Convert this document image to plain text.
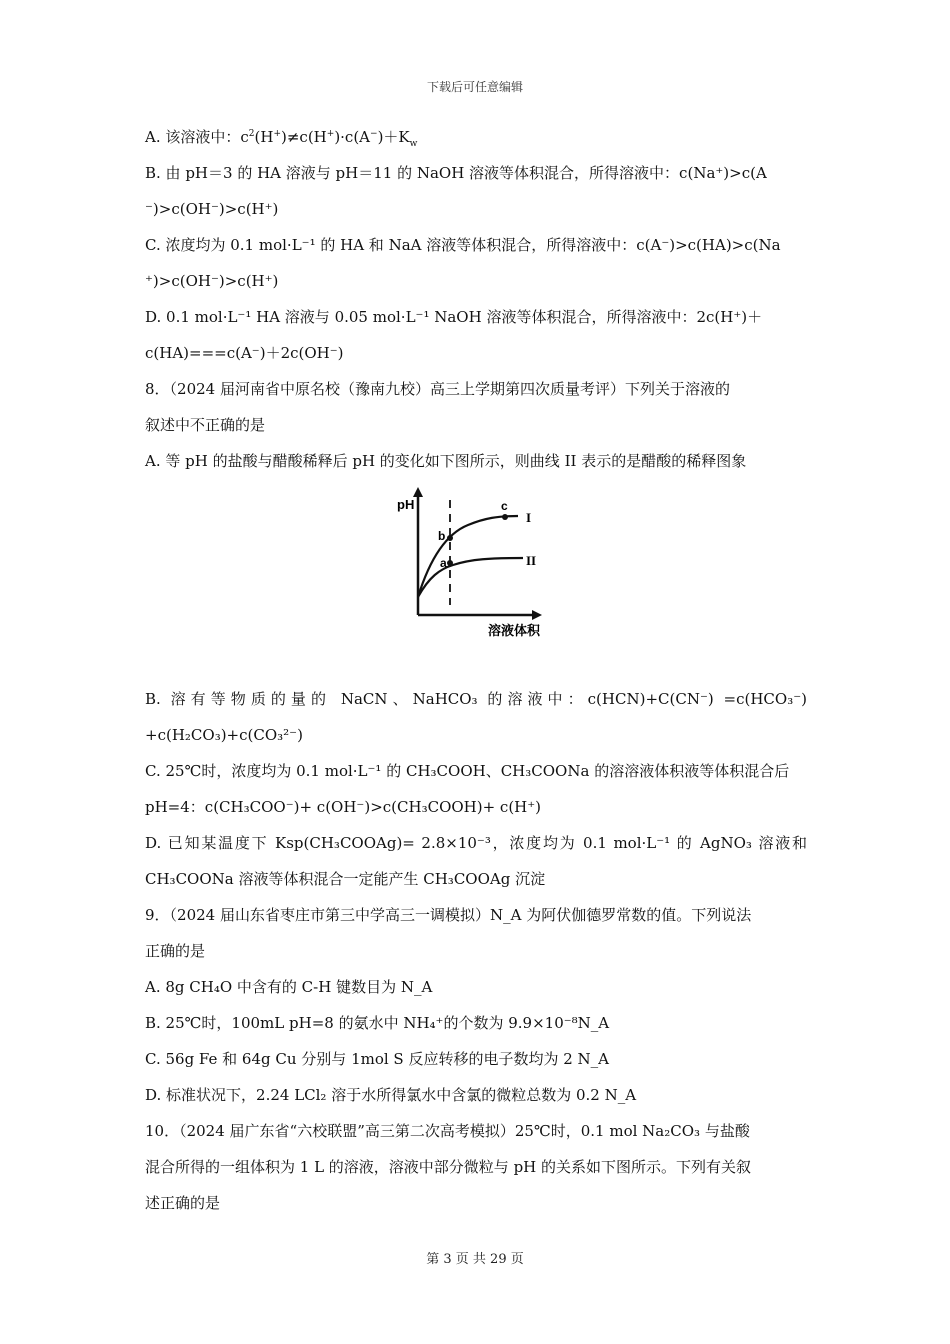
下载后可任意编辑
A. 该溶液中：$c^2(H^+)\ne c(H^+)\cdot c(A^-)+K_w$
B. 由 pH＝3 的 HA 溶液与 pH＝11 的 NaOH 溶液等体积混合，所得溶液中：c(Na⁺)>c(A
⁻)>c(OH⁻)>c(H⁺)
C. 浓度均为 0.1 mol·L⁻¹ 的 HA 和 NaA 溶液等体积混合，所得溶液中：c(A⁻)>c(HA)>c(Na
⁺)>c(OH⁻)>c(H⁺)
D. 0.1 mol·L⁻¹ HA 溶液与 0.05 mol·L⁻¹ NaOH 溶液等体积混合，所得溶液中：2c(H⁺)＋
c(HA)===c(A⁻)＋2c(OH⁻)
8．（2024 届河南省中原名校（豫南九校）高三上学期第四次质量考评）下列关于溶液的
叙述中不正确的是
A. 等 pH 的盐酸与醋酸稀释后 pH 的变化如下图所示，则曲线 II 表示的是醋酸的稀释图象
pH
溶液体积
I
II
a
b
c
B. 溶有等物质的量的 NaCN、NaHCO₃ 的溶液中：c(HCN)+C(CN⁻) =c(HCO₃⁻)
+c(H₂CO₃)+c(CO₃²⁻)
C. 25℃时，浓度均为 0.1 mol·L⁻¹ 的 CH₃COOH、CH₃COONa 的溶溶液体积液等体积混合后
pH=4：c(CH₃COO⁻)+ c(OH⁻)>c(CH₃COOH)+ c(H⁺)
D. 已知某温度下 Ksp(CH₃COOAg)= 2.8×10⁻³，浓度均为 0.1 mol·L⁻¹ 的 AgNO₃ 溶液和
CH₃COONa 溶液等体积混合一定能产生 CH₃COOAg 沉淀
9．（2024 届山东省枣庄市第三中学高三一调模拟）N_A 为阿伏伽德罗常数的值。下列说法
正确的是
A. 8g CH₄O 中含有的 C-H 键数目为 N_A
B. 25℃时，100mL pH=8 的氨水中 NH₄⁺的个数为 9.9×10⁻⁸N_A
C. 56g Fe 和 64g Cu 分别与 1mol S 反应转移的电子数均为 2 N_A
D. 标准状况下，2.24 LCl₂ 溶于水所得氯水中含氯的微粒总数为 0.2 N_A
10．（2024 届广东省“六校联盟”高三第二次高考模拟）25℃时，0.1 mol Na₂CO₃ 与盐酸
混合所得的一组体积为 1 L 的溶液，溶液中部分微粒与 pH 的关系如下图所示。下列有关叙
述正确的是
第 3 页 共 29 页
